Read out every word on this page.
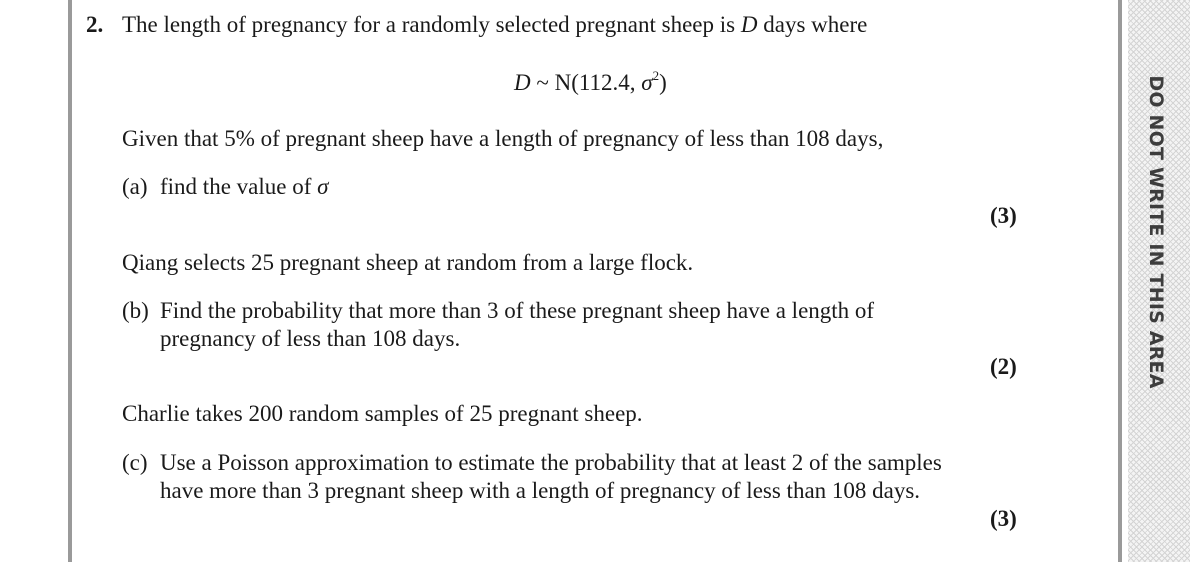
DO NOT WRITE IN THIS AREA
2. The length of pregnancy for a randomly selected pregnant sheep is D days where
D ~ N(112.4, $\sigma^2$)
Given that 5% of pregnant sheep have a length of pregnancy of less than 108 days,
(a) find the value of σ
(3)
Qiang selects 25 pregnant sheep at random from a large flock.
(b) Find the probability that more than 3 of these pregnant sheep have a length of
pregnancy of less than 108 days.
(2)
Charlie takes 200 random samples of 25 pregnant sheep.
(c) Use a Poisson approximation to estimate the probability that at least 2 of the samples
have more than 3 pregnant sheep with a length of pregnancy of less than 108 days.
(3)
